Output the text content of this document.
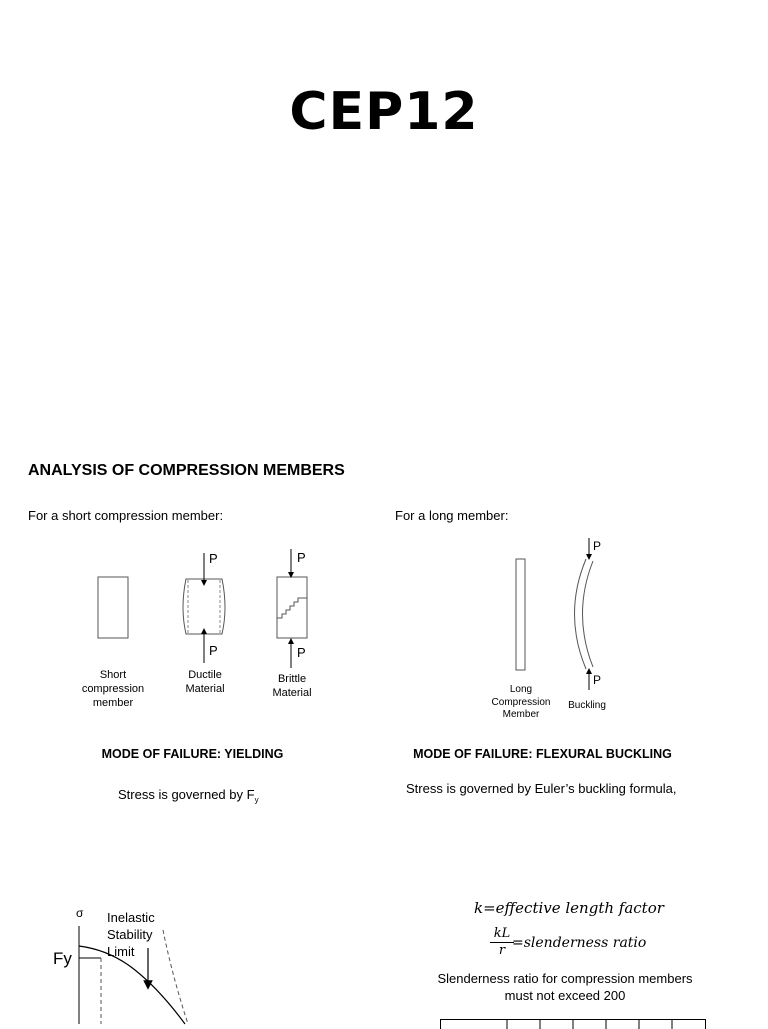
CEP12
ANALYSIS OF COMPRESSION MEMBERS
For a short compression member:	For a long member:
P
P
P
P
P
P
Short compression member
Ductile Material
Brittle Material	Long Compression Member
Buckling
MODE OF FAILURE: YIELDING	MODE OF FAILURE: FLEXURAL BUCKLING
Stress is governed by $F_y$
Stress is governed by Euler’s buckling formula,
k=effective length factor
$\frac{kL}{r}$
=slenderness ratio
Slenderness ratio for compression members
must not exceed 200
σ
Fy
Inelastic
Stability
Limit
